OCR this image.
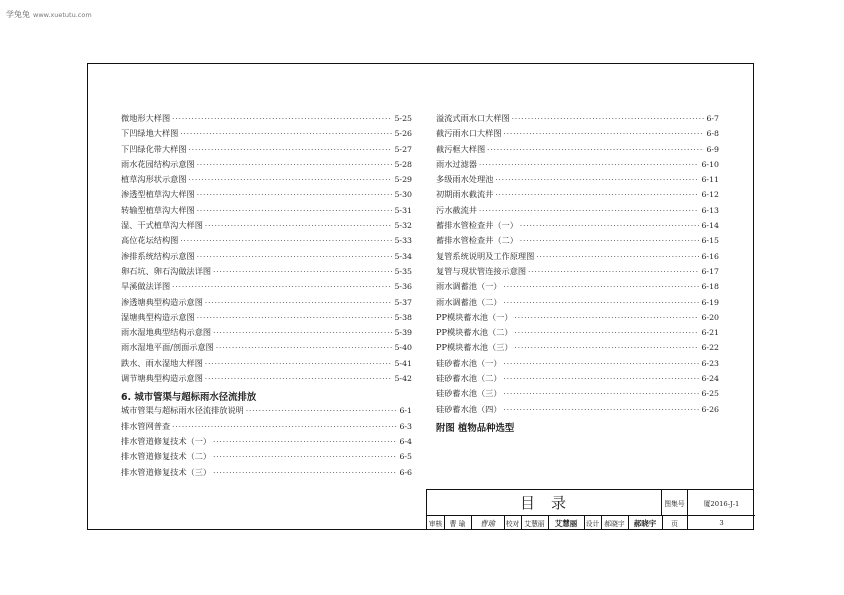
学兔兔 www.xuetutu.com
微地形大样图 ·····	5-25
下凹绿地大样图 ·····	5-26
下凹绿化带大样图 ·····	5-27
雨水花园结构示意图 ·····	5-28
植草沟形状示意图 ·····	5-29
渗透型植草沟大样图 ·····	5-30
转输型植草沟大样图 ·····	5-31
湿、干式植草沟大样图 ·····	5-32
高位花坛结构图 ·····	5-33
渗排系统结构示意图 ·····	5-34
卵石坑、卵石沟做法详图 ·····	5-35
旱溪做法详图 ·····	5-36
渗透塘典型构造示意图 ·····	5-37
湿塘典型构造示意图 ·····	5-38
雨水湿地典型结构示意图 ·····	5-39
雨水湿地平面/剖面示意图 ·····	5-40
跌水、雨水湿地大样图 ·····	5-41
调节塘典型构造示意图 ·····	5-42
6. 城市管渠与超标雨水径流排放
城市管渠与超标雨水径流排放说明 ·····	6-1
排水管网普查 ·····	6-3
排水管道修复技术（一） ·····	6-4
排水管道修复技术（二） ·····	6-5
排水管道修复技术（三） ·····	6-6
溢流式雨水口大样图 ·····	6-7
截污雨水口大样图 ·····	6-8
截污框大样图 ·····	6-9
雨水过滤器 ·····	6-10
多级雨水处理池 ·····	6-11
初期雨水截流井 ·····	6-12
污水截流井 ·····	6-13
蓄排水管检查井（一） ·····	6-14
蓄排水管检查井（二） ·····	6-15
复管系统说明及工作原理图 ·····	6-16
复管与现状管连接示意图 ·····	6-17
雨水调蓄池（一） ·····	6-18
雨水调蓄池（二） ·····	6-19
PP模块蓄水池（一） ·····	6-20
PP模块蓄水池（二） ·····	6-21
PP模块蓄水池（三） ·····	6-22
硅砂蓄水池（一） ·····	6-23
硅砂蓄水池（二） ·····	6-24
硅砂蓄水池（三） ·····	6-25
硅砂蓄水池（四） ·····	6-26
附图 植物品种选型
目录	图集号	厦2016-J-1
审核	曹 瑜	曹瑜	校对 艾慧丽	艾慧丽	设计 郝晓宇	郝晓宇	页	3
